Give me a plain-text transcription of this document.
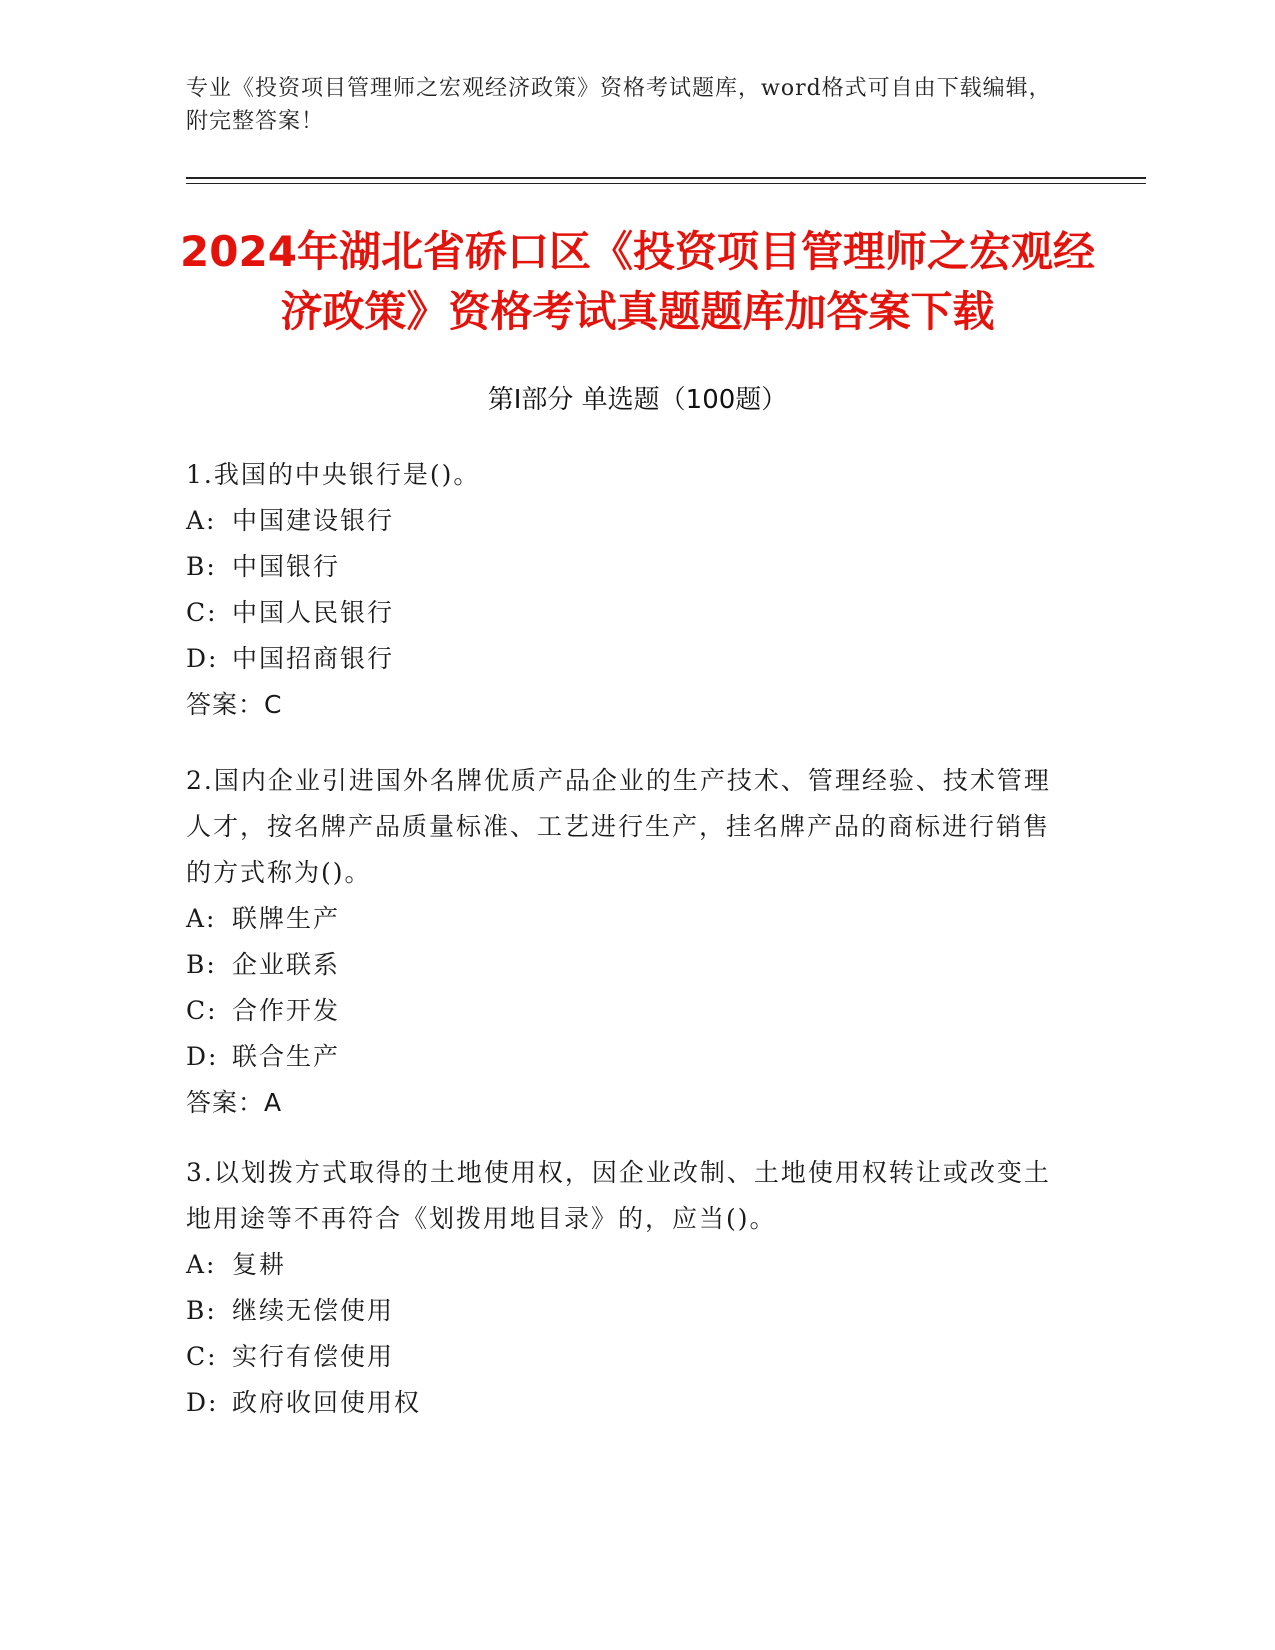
专业《投资项目管理师之宏观经济政策》资格考试题库，word格式可自由下载编辑，附完整答案！
2024年湖北省硚口区《投资项目管理师之宏观经济政策》资格考试真题题库加答案下载
第Ⅰ部分 单选题（100题）

1.我国的中央银行是()。

A: 中国建设银行

B: 中国银行

C: 中国人民银行

D: 中国招商银行

答案：C

2.国内企业引进国外名牌优质产品企业的生产技术、管理经验、技术管理人才，按名牌产品质量标准、工艺进行生产，挂名牌产品的商标进行销售的方式称为()。

A: 联牌生产

B: 企业联系

C: 合作开发

D: 联合生产

答案：A

3.以划拨方式取得的土地使用权，因企业改制、土地使用权转让或改变土地用途等不再符合《划拨用地目录》的，应当()。

A: 复耕

B: 继续无偿使用

C: 实行有偿使用

D: 政府收回使用权
